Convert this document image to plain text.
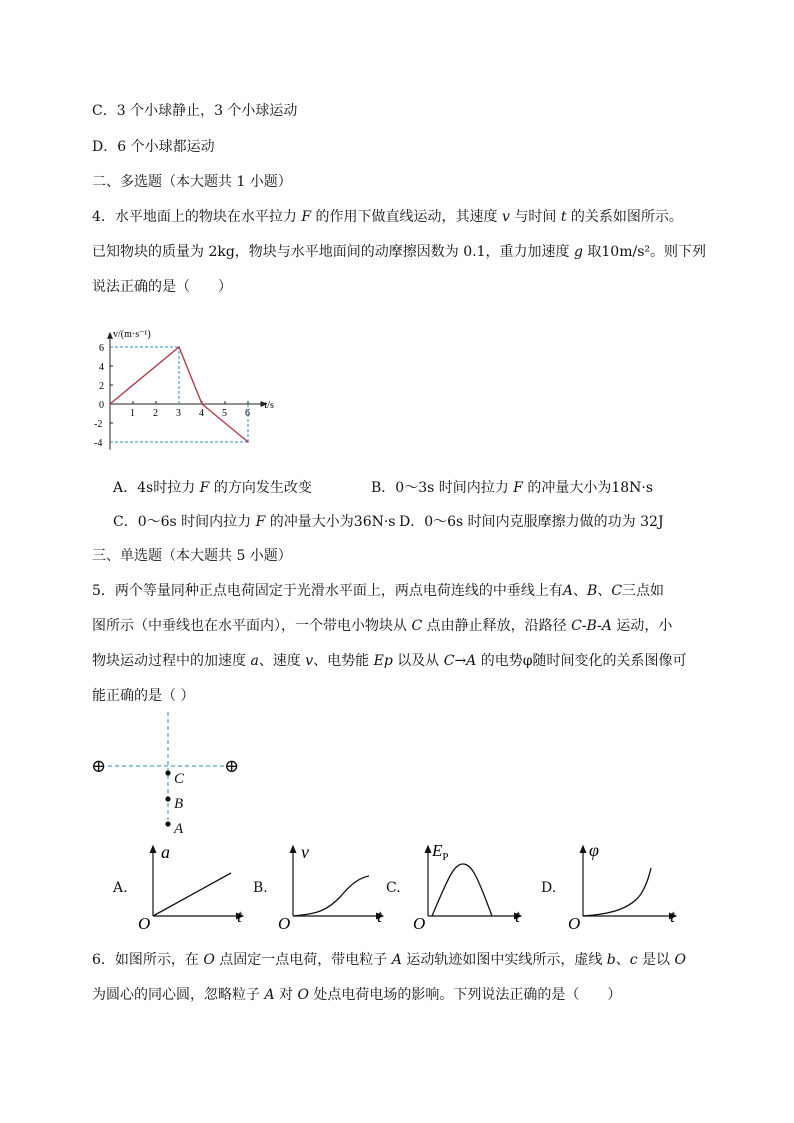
C．3 个小球静止，3 个小球运动
D．6 个小球都运动
二、多选题（本大题共 1 小题）
4．水平地面上的物块在水平拉力 F 的作用下做直线运动，其速度 v 与时间 t 的关系如图所示。
已知物块的质量为 2kg，物块与水平地面间的动摩擦因数为 0.1，重力加速度 g 取10m/s²。则下列
说法正确的是（　　）
v/(m·s⁻¹)
t/s
1 2 3 4 5 6
6
4
2
0
-2
-4
A．4s时拉力 F 的方向发生改变	B．0～3s 时间内拉力 F 的冲量大小为18N·s
C．0～6s 时间内拉力 F 的冲量大小为36N·s D．0～6s 时间内克服摩擦力做的功为 32J
三、单选题（本大题共 5 小题）
5．两个等量同种正点电荷固定于光滑水平面上，两点电荷连线的中垂线上有A、B、C三点如
图所示（中垂线也在水平面内），一个带电小物块从 C 点由静止释放，沿路径 C-B-A 运动，小
物块运动过程中的加速度 a、速度 v、电势能 Ep 以及从 C→A 的电势φ随时间变化的关系图像可
能正确的是（ ）
⊕	⊕
C
B
A
A.
a
t
O
B.
v
t
O
C.
$E_P$
t
O
D.
φ
t
O
6．如图所示，在 O 点固定一点电荷，带电粒子 A 运动轨迹如图中实线所示，虚线 b、c 是以 O
为圆心的同心圆，忽略粒子 A 对 O 处点电荷电场的影响。下列说法正确的是（　　）
